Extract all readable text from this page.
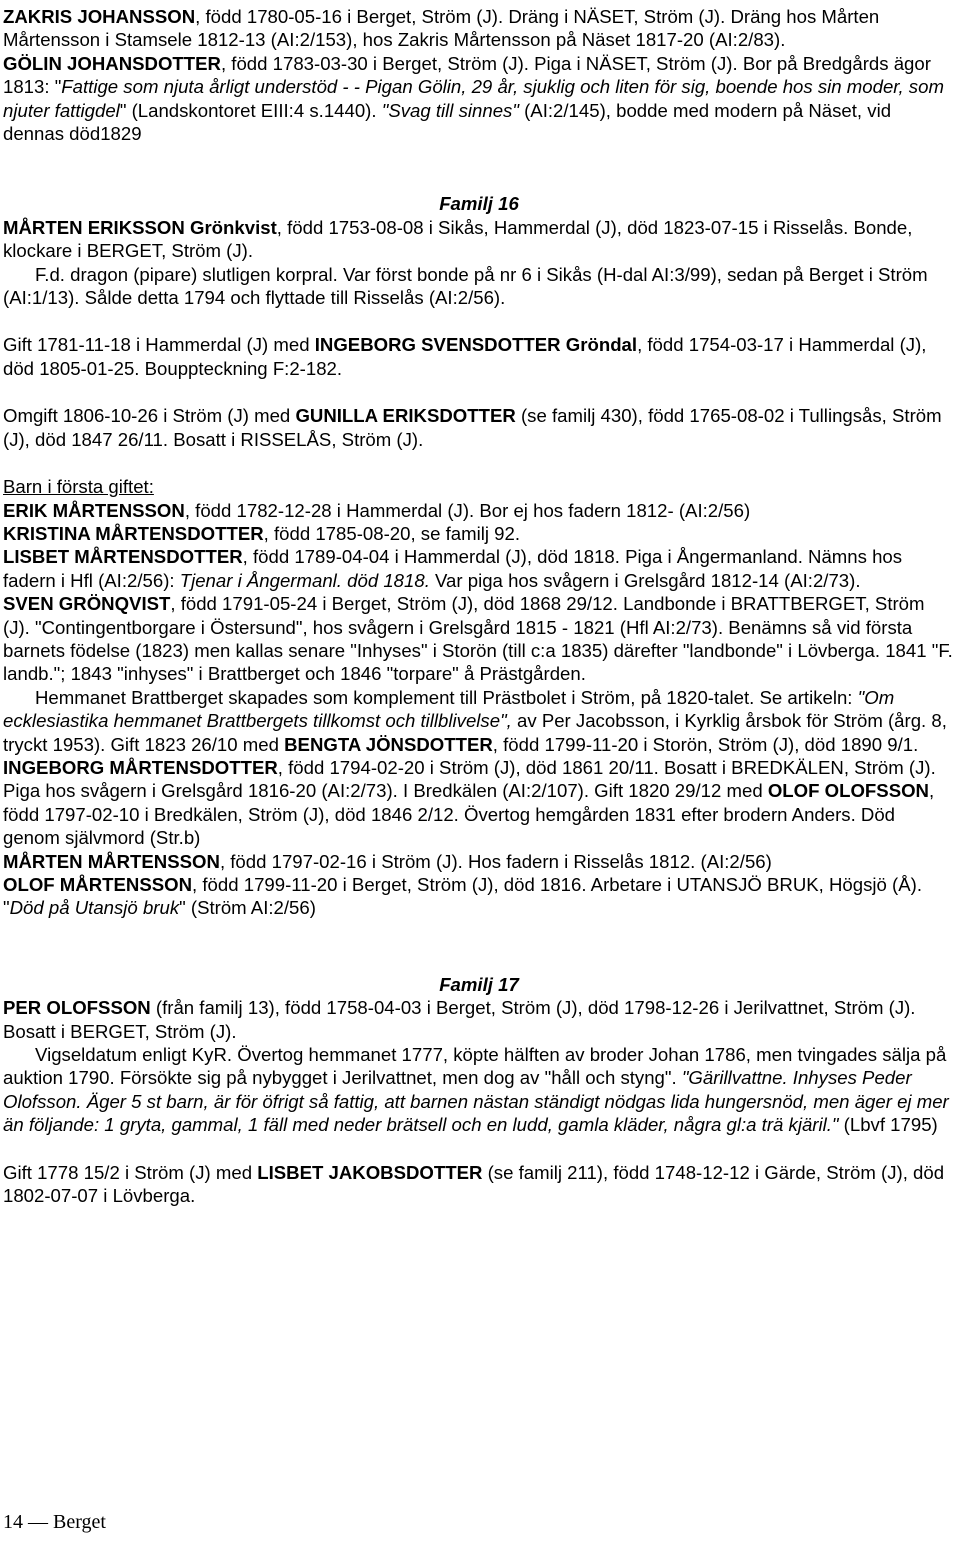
ZAKRIS JOHANSSON, född 1780-05-16 i Berget, Ström (J). Dräng i NÄSET, Ström (J). Dräng hos Mårten Mårtensson i Stamsele 1812-13 (AI:2/153), hos Zakris Mårtensson på Näset 1817-20 (AI:2/83).

GÖLIN JOHANSDOTTER, född 1783-03-30 i Berget, Ström (J). Piga i NÄSET, Ström (J). Bor på Bredgårds ägor 1813: "Fattige som njuta årligt understöd - - Pigan Gölin, 29 år, sjuklig och liten för sig, boende hos sin moder, som njuter fattigdel" (Landskontoret EIII:4 s.1440). "Svag till sinnes" (AI:2/145), bodde med modern på Näset, vid dennas död1829

Familj 16

MÅRTEN ERIKSSON Grönkvist, född 1753-08-08 i Sikås, Hammerdal (J), död 1823-07-15 i Risselås. Bonde, klockare i BERGET, Ström (J).

F.d. dragon (pipare) slutligen korpral. Var först bonde på nr 6 i Sikås (H-dal AI:3/99), sedan på Berget i Ström (AI:1/13). Sålde detta 1794 och flyttade till Risselås (AI:2/56).

Gift 1781-11-18 i Hammerdal (J) med INGEBORG SVENSDOTTER Gröndal, född 1754-03-17 i Hammerdal (J), död 1805-01-25. Bouppteckning F:2-182.

Omgift 1806-10-26 i Ström (J) med GUNILLA ERIKSDOTTER (se familj 430), född 1765-08-02 i Tullingsås, Ström (J), död 1847 26/11. Bosatt i RISSELÅS, Ström (J).

Barn i första giftet:

ERIK MÅRTENSSON, född 1782-12-28 i Hammerdal (J). Bor ej hos fadern 1812- (AI:2/56)

KRISTINA MÅRTENSDOTTER, född 1785-08-20, se familj 92.

LISBET MÅRTENSDOTTER, född 1789-04-04 i Hammerdal (J), död 1818. Piga i Ångermanland. Nämns hos fadern i Hfl (AI:2/56): Tjenar i Ångermanl. död 1818. Var piga hos svågern i Grelsgård 1812-14 (AI:2/73).

SVEN GRÖNQVIST, född 1791-05-24 i Berget, Ström (J), död 1868 29/12. Landbonde i BRATTBERGET, Ström (J). "Contingentborgare i Östersund", hos svågern i Grelsgård 1815 - 1821 (Hfl AI:2/73). Benämns så vid första barnets födelse (1823) men kallas senare "Inhyses" i Storön (till c:a 1835) därefter "landbonde" i Lövberga. 1841 "F. landb."; 1843 "inhyses" i Brattberget och 1846 "torpare" å Prästgården.

Hemmanet Brattberget skapades som komplement till Prästbolet i Ström, på 1820-talet. Se artikeln: "Om ecklesiastika hemmanet Brattbergets tillkomst och tillblivelse", av Per Jacobsson, i Kyrklig årsbok för Ström (årg. 8, tryckt 1953). Gift 1823 26/10 med BENGTA JÖNSDOTTER, född 1799-11-20 i Storön, Ström (J), död 1890 9/1.

INGEBORG MÅRTENSDOTTER, född 1794-02-20 i Ström (J), död 1861 20/11. Bosatt i BREDKÄLEN, Ström (J). Piga hos svågern i Grelsgård 1816-20 (AI:2/73). I Bredkälen (AI:2/107). Gift 1820 29/12 med OLOF OLOFSSON, född 1797-02-10 i Bredkälen, Ström (J), död 1846 2/12. Övertog hemgården 1831 efter brodern Anders. Död genom självmord (Str.b)

MÅRTEN MÅRTENSSON, född 1797-02-16 i Ström (J). Hos fadern i Risselås 1812. (AI:2/56)

OLOF MÅRTENSSON, född 1799-11-20 i Berget, Ström (J), död 1816. Arbetare i UTANSJÖ BRUK, Högsjö (Å). "Död på Utansjö bruk" (Ström AI:2/56)

Familj 17

PER OLOFSSON (från familj 13), född 1758-04-03 i Berget, Ström (J), död 1798-12-26 i Jerilvattnet, Ström (J). Bosatt i BERGET, Ström (J).

Vigseldatum enligt KyR. Övertog hemmanet 1777, köpte hälften av broder Johan 1786, men tvingades sälja på auktion 1790. Försökte sig på nybygget i Jerilvattnet, men dog av "håll och styng". "Gärillvattne. Inhyses Peder Olofsson. Äger 5 st barn, är för öfrigt så fattig, att barnen nästan ständigt nödgas lida hungersnöd, men äger ej mer än följande: 1 gryta, gammal, 1 fäll med neder brätsell och en ludd, gamla kläder, några gl:a trä kjäril." (Lbvf 1795)

Gift 1778 15/2 i Ström (J) med LISBET JAKOBSDOTTER (se familj 211), född 1748-12-12 i Gärde, Ström (J), död 1802-07-07 i Lövberga.

14 — Berget
